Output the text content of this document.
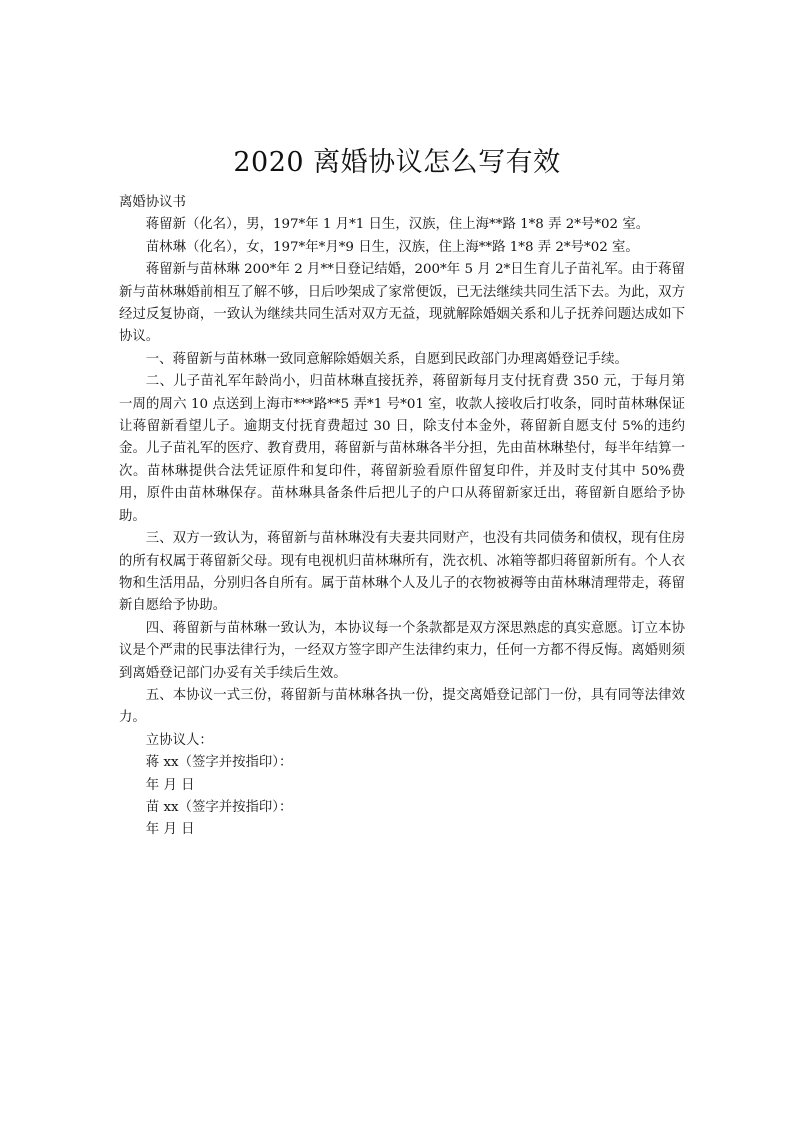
2020 离婚协议怎么写有效

离婚协议书

蒋留新（化名），男，197*年 1 月*1 日生，汉族，住上海**路 1*8 弄 2*号*02 室。

苗林琳（化名），女，197*年*月*9 日生，汉族，住上海**路 1*8 弄 2*号*02 室。

蒋留新与苗林琳 200*年 2 月**日登记结婚，200*年 5 月 2*日生育儿子苗礼军。由于蒋留新与苗林琳婚前相互了解不够，日后吵架成了家常便饭，已无法继续共同生活下去。为此，双方经过反复协商，一致认为继续共同生活对双方无益，现就解除婚姻关系和儿子抚养问题达成如下协议。

一、蒋留新与苗林琳一致同意解除婚姻关系，自愿到民政部门办理离婚登记手续。

二、儿子苗礼军年龄尚小，归苗林琳直接抚养，蒋留新每月支付抚育费 350 元，于每月第一周的周六 10 点送到上海市***路**5 弄*1 号*01 室，收款人接收后打收条，同时苗林琳保证让蒋留新看望儿子。逾期支付抚育费超过 30 日，除支付本金外，蒋留新自愿支付 5%的违约金。儿子苗礼军的医疗、教育费用，蒋留新与苗林琳各半分担，先由苗林琳垫付，每半年结算一次。苗林琳提供合法凭证原件和复印件，蒋留新验看原件留复印件，并及时支付其中 50%费用，原件由苗林琳保存。苗林琳具备条件后把儿子的户口从蒋留新家迁出，蒋留新自愿给予协助。

三、双方一致认为，蒋留新与苗林琳没有夫妻共同财产，也没有共同债务和债权，现有住房的所有权属于蒋留新父母。现有电视机归苗林琳所有，洗衣机、冰箱等都归蒋留新所有。个人衣物和生活用品，分别归各自所有。属于苗林琳个人及儿子的衣物被褥等由苗林琳清理带走，蒋留新自愿给予协助。

四、蒋留新与苗林琳一致认为，本协议每一个条款都是双方深思熟虑的真实意愿。订立本协议是个严肃的民事法律行为，一经双方签字即产生法律约束力，任何一方都不得反悔。离婚则须到离婚登记部门办妥有关手续后生效。

五、本协议一式三份，蒋留新与苗林琳各执一份，提交离婚登记部门一份，具有同等法律效力。

立协议人：

蒋 xx（签字并按指印）：

年 月 日

苗 xx（签字并按指印）：

年 月 日
